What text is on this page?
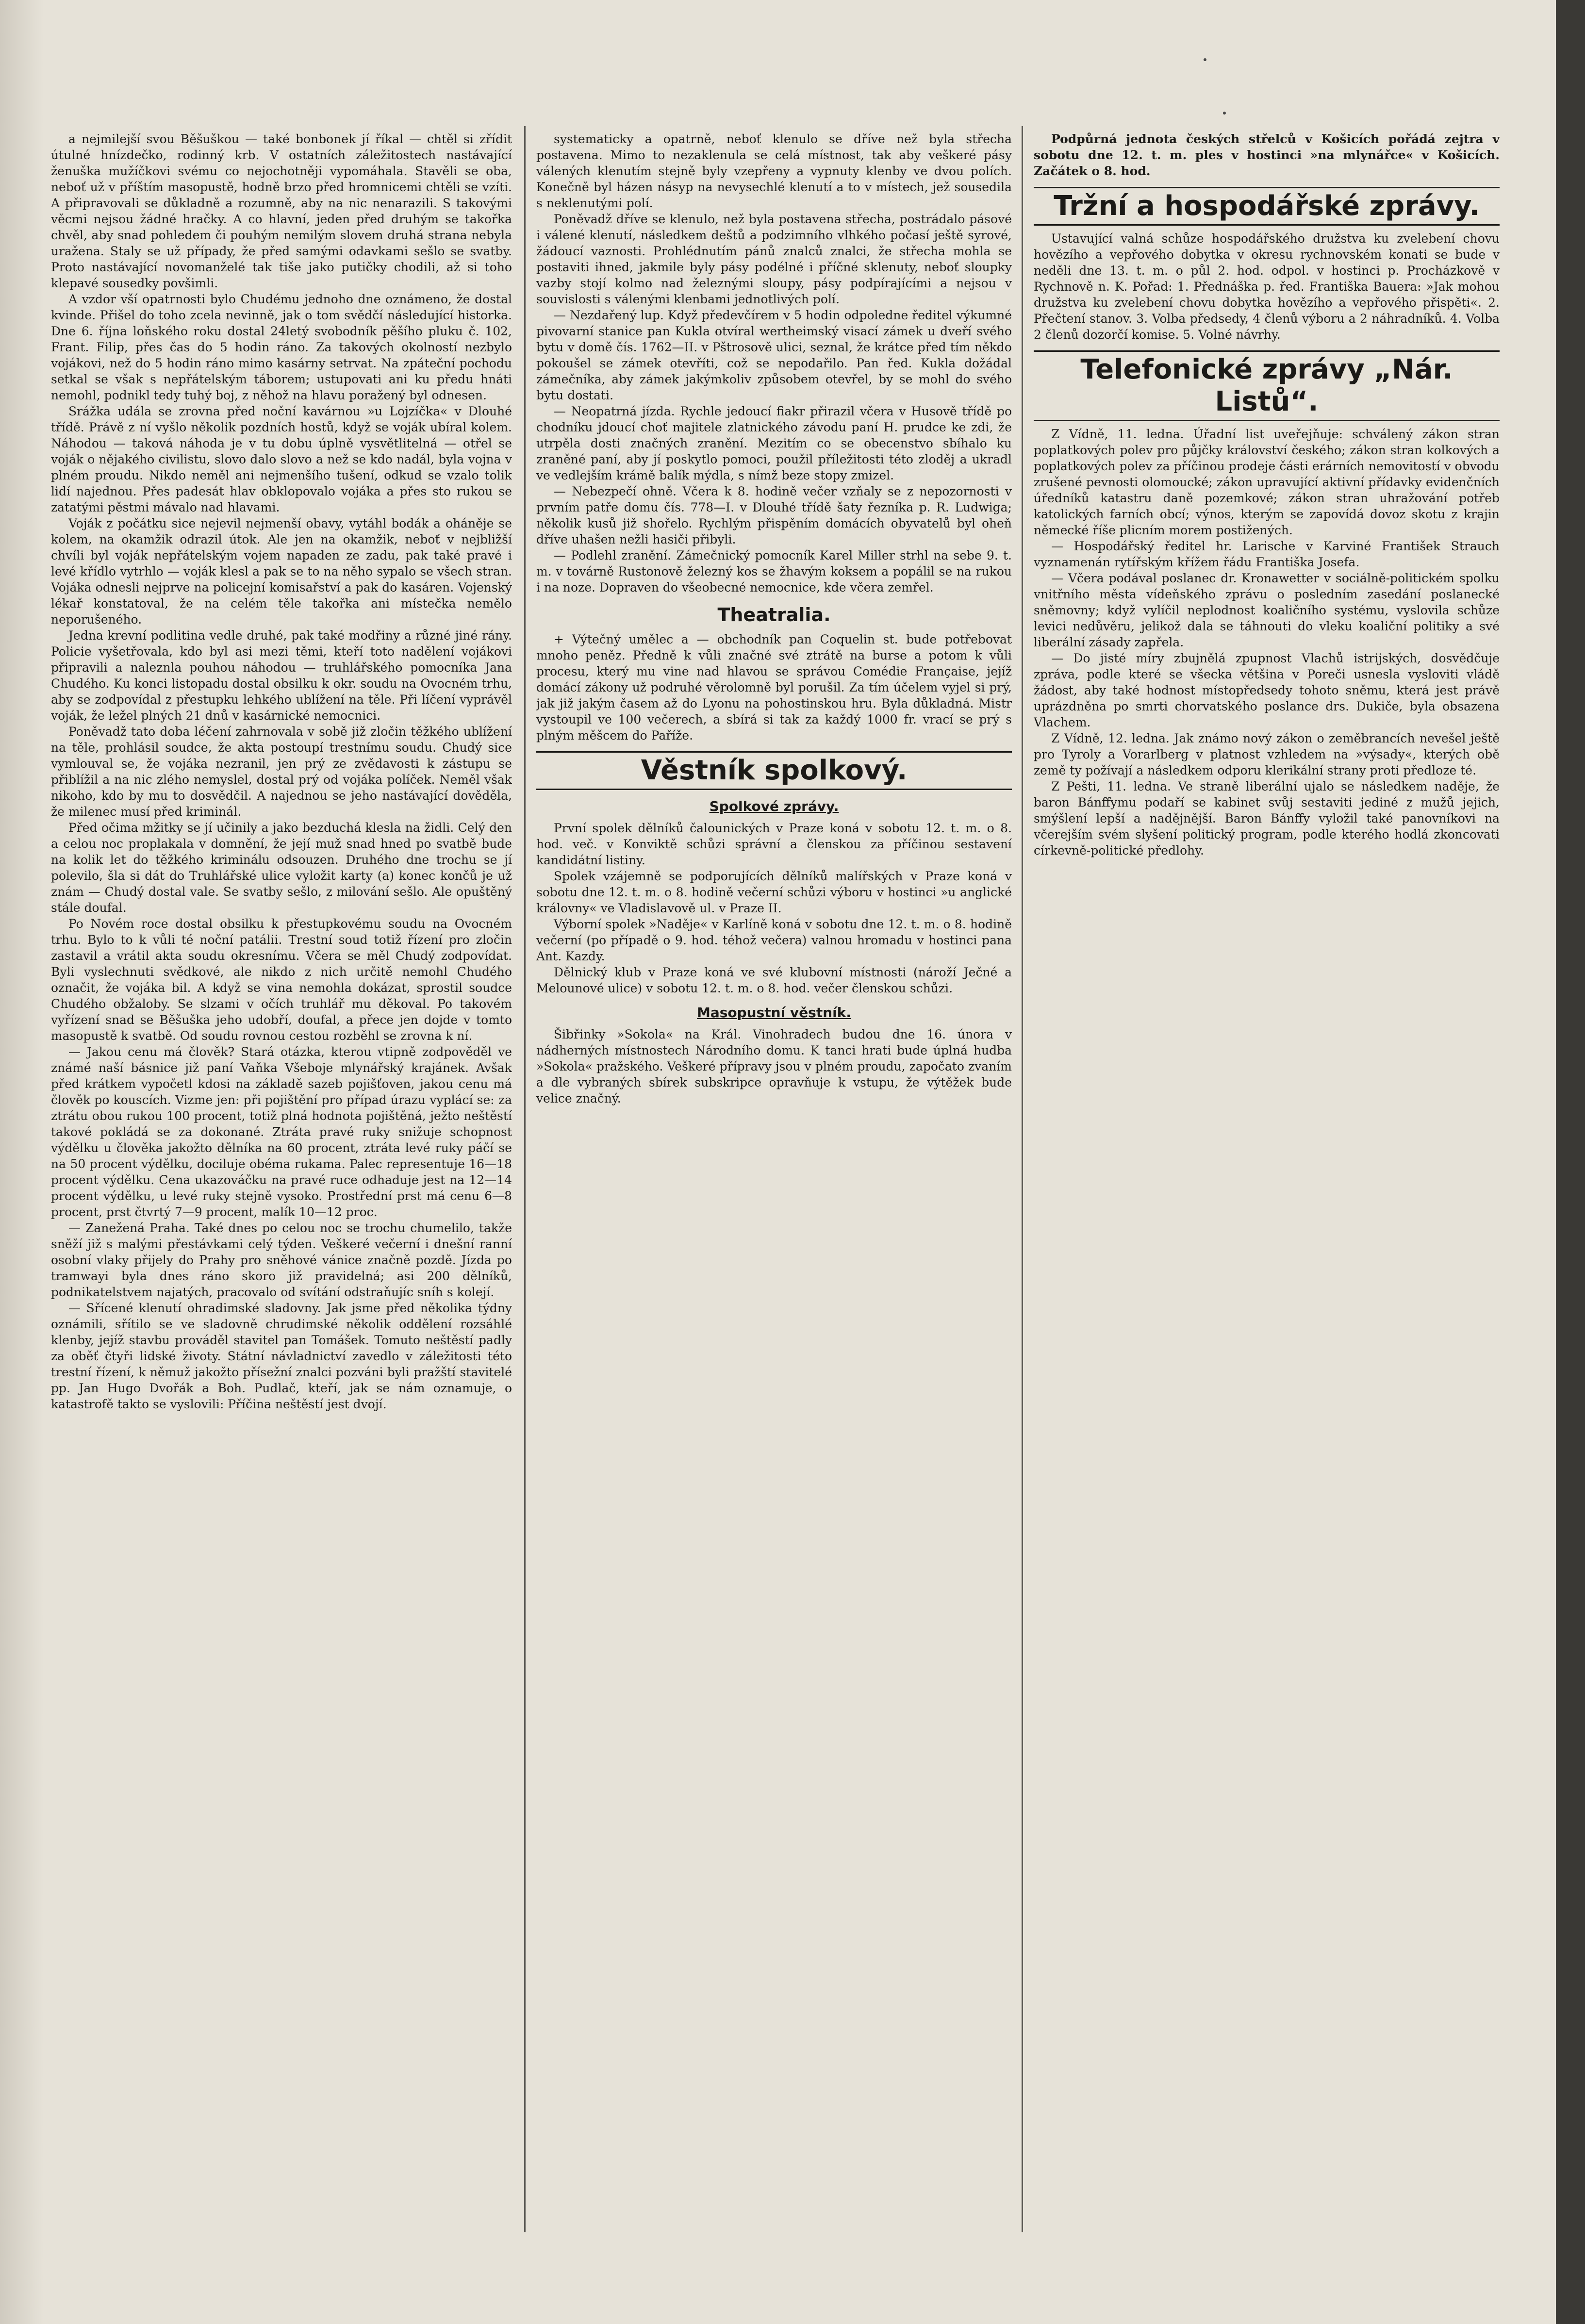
a nejmilejší svou Běšuškou — také bonbonek jí říkal — chtěl si zřídit útulné hnízdečko, rodinný krb. V ostatních záležitostech nastávající ženuška mužíčkovi svému co nejochotněji vypomáhala. Stavěli se oba, neboť už v příštím masopustě, hodně brzo před hromnicemi chtěli se vzíti. A připravovali se důkladně a rozumně, aby na nic nenarazili. S takovými věcmi nejsou žádné hračky. A co hlavní, jeden před druhým se takořka chvěl, aby snad pohledem či pouhým nemilým slovem druhá strana nebyla uražena. Staly se už případy, že před samými odavkami sešlo se svatby. Proto nastávající novomanželé tak tiše jako putičky chodili, až si toho klepavé sousedky povšimli.

A vzdor vší opatrnosti bylo Chudému jednoho dne oznámeno, že dostal kvinde. Přišel do toho zcela nevinně, jak o tom svědčí následující historka. Dne 6. října loňského roku dostal 24letý svobodník pěšího pluku č. 102, Frant. Filip, přes čas do 5 hodin ráno. Za takových okolností nezbylo vojákovi, než do 5 hodin ráno mimo kasárny setrvat. Na zpáteční pochodu setkal se však s nepřátelským táborem; ustupovati ani ku předu hnáti nemohl, podnikl tedy tuhý boj, z něhož na hlavu poražený byl odnesen.

Srážka udála se zrovna před noční kavárnou »u Lojzíčka« v Dlouhé třídě. Právě z ní vyšlo několik pozdních hostů, když se voják ubíral kolem. Náhodou — taková náhoda je v tu dobu úplně vysvětlitelná — otřel se voják o nějakého civilistu, slovo dalo slovo a než se kdo nadál, byla vojna v plném proudu. Nikdo neměl ani nejmenšího tušení, odkud se vzalo tolik lidí najednou. Přes padesát hlav obklopovalo vojáka a přes sto rukou se zatatými pěstmi mávalo nad hlavami.

Voják z počátku sice nejevil nejmenší obavy, vytáhl bodák a oháněje se kolem, na okamžik odrazil útok. Ale jen na okamžik, neboť v nejbližší chvíli byl voják nepřátelským vojem napaden ze zadu, pak také pravé i levé křídlo vytrhlo — voják klesl a pak se to na něho sypalo se všech stran. Vojáka odnesli nejprve na policejní komisařství a pak do kasáren. Vojenský lékař konstatoval, že na celém těle takořka ani místečka nemělo neporušeného.

Jedna krevní podlitina vedle druhé, pak také modřiny a různé jiné rány. Policie vyšetřovala, kdo byl asi mezi těmi, kteří toto nadělení vojákovi připravili a naleznla pouhou náhodou — truhlářského pomocníka Jana Chudého. Ku konci listopadu dostal obsilku k okr. soudu na Ovocném trhu, aby se zodpovídal z přestupku lehkého ublížení na těle. Při líčení vyprávěl voják, že ležel plných 21 dnů v kasárnické nemocnici.

Poněvadž tato doba léčení zahrnovala v sobě již zločin těžkého ublížení na těle, prohlásil soudce, že akta postoupí trestnímu soudu. Chudý sice vymlouval se, že vojáka nezranil, jen prý ze zvědavosti k zástupu se přiblížil a na nic zlého nemyslel, dostal prý od vojáka políček. Neměl však nikoho, kdo by mu to dosvědčil. A najednou se jeho nastávající dověděla, že milenec musí před kriminál.

Před očima mžitky se jí učinily a jako bezduchá klesla na židli. Celý den a celou noc proplakala v domnění, že její muž snad hned po svatbě bude na kolik let do těžkého kriminálu odsouzen. Druhého dne trochu se jí polevilo, šla si dát do Truhlářské ulice vyložit karty (a) konec končů je už znám — Chudý dostal vale. Se svatby sešlo, z milování sešlo. Ale opuštěný stále doufal.

Po Novém roce dostal obsilku k přestupkovému soudu na Ovocném trhu. Bylo to k vůli té noční patálii. Trestní soud totiž řízení pro zločin zastavil a vrátil akta soudu okresnímu. Včera se měl Chudý zodpovídat. Byli vyslechnuti svědkové, ale nikdo z nich určitě nemohl Chudého označit, že vojáka bil. A když se vina nemohla dokázat, sprostil soudce Chudého obžaloby. Se slzami v očích truhlář mu děkoval. Po takovém vyřízení snad se Běšuška jeho udobří, doufal, a přece jen dojde v tomto masopustě k svatbě. Od soudu rovnou cestou rozběhl se zrovna k ní.

— Jakou cenu má člověk? Stará otázka, kterou vtipně zodpověděl ve známé naší básnice již paní Vaňka Všeboje mlynářský krajánek. Avšak před krátkem vypočetl kdosi na základě sazeb pojišťoven, jakou cenu má člověk po kouscích. Vizme jen: při pojištění pro případ úrazu vyplácí se: za ztrátu obou rukou 100 procent, totiž plná hodnota pojištěná, ježto neštěstí takové pokládá se za dokonané. Ztráta pravé ruky snižuje schopnost výdělku u člověka jakožto dělníka na 60 procent, ztráta levé ruky páčí se na 50 procent výdělku, dociluje obéma rukama. Palec representuje 16—18 procent výdělku. Cena ukazováčku na pravé ruce odhaduje jest na 12—14 procent výdělku, u levé ruky stejně vysoko. Prostřední prst má cenu 6—8 procent, prst čtvrtý 7—9 procent, malík 10—12 proc.

— Zanežená Praha. Také dnes po celou noc se trochu chumelilo, takže sněží již s malými přestávkami celý týden. Veškeré večerní i dnešní ranní osobní vlaky přijely do Prahy pro sněhové vánice značně pozdě. Jízda po tramwayi byla dnes ráno skoro již pravidelná; asi 200 dělníků, podnikatelstvem najatých, pracovalo od svítání odstraňujíc sníh s kolejí.

— Sřícené klenutí ohradimské sladovny. Jak jsme před několika týdny oznámili, sřítilo se ve sladovně chrudimské několik oddělení rozsáhlé klenby, jejíž stavbu prováděl stavitel pan Tomášek. Tomuto neštěstí padly za oběť čtyři lidské životy. Státní návladnictví zavedlo v záležitosti této trestní řízení, k němuž jakožto přísežní znalci pozváni byli pražští stavitelé pp. Jan Hugo Dvořák a Boh. Pudlač, kteří, jak se nám oznamuje, o katastrofě takto se vyslovili: Příčina neštěstí jest dvojí.

systematicky a opatrně, neboť klenulo se dříve než byla střecha postavena. Mimo to nezaklenula se celá místnost, tak aby veškeré pásy válených klenutím stejně byly vzepřeny a vypnuty klenby ve dvou polích. Konečně byl házen násyp na nevysechlé klenutí a to v místech, jež sousedila s neklenutými polí.

Poněvadž dříve se klenulo, než byla postavena střecha, postrádalo pásové i válené klenutí, následkem deštů a podzimního vlhkého počasí ještě syrové, žádoucí vaznosti. Prohlédnutím pánů znalců znalci, že střecha mohla se postaviti ihned, jakmile byly pásy podélné i příčné sklenuty, neboť sloupky vazby stojí kolmo nad železnými sloupy, pásy podpírajícími a nejsou v souvislosti s válenými klenbami jednotlivých polí.

— Nezdařený lup. Když předevčírem v 5 hodin odpoledne ředitel výkumné pivovarní stanice pan Kukla otvíral wertheimský visací zámek u dveří svého bytu v domě čís. 1762—II. v Pštrosově ulici, seznal, že krátce před tím někdo pokoušel se zámek otevříti, což se nepodařilo. Pan řed. Kukla dožádal zámečníka, aby zámek jakýmkoliv způsobem otevřel, by se mohl do svého bytu dostati.

— Neopatrná jízda. Rychle jedoucí fiakr přirazil včera v Husově třídě po chodníku jdoucí choť majitele zlatnického závodu paní H. prudce ke zdi, že utrpěla dosti značných zranění. Mezitím co se obecenstvo sbíhalo ku zraněné paní, aby jí poskytlo pomoci, použil příležitosti této zloděj a ukradl ve vedlejším krámě balík mýdla, s nímž beze stopy zmizel.

— Nebezpečí ohně. Včera k 8. hodině večer vzňaly se z nepozornosti v prvním patře domu čís. 778—I. v Dlouhé třídě šaty řezníka p. R. Ludwiga; několik kusů již shořelo. Rychlým přispěním domácích obyvatelů byl oheň dříve uhašen nežli hasiči přibyli.

— Podlehl zranění. Zámečnický pomocník Karel Miller strhl na sebe 9. t. m. v továrně Rustonově železný kos se žhavým koksem a popálil se na rukou i na noze. Dopraven do všeobecné nemocnice, kde včera zemřel.

Theatralia.

+ Výtečný umělec a — obchodník pan Coquelin st. bude potřebovat mnoho peněz. Předně k vůli značné své ztrátě na burse a potom k vůli procesu, který mu vine nad hlavou se správou Comédie Française, jejíž domácí zákony už podruhé věrolomně byl porušil. Za tím účelem vyjel si prý, jak již jakým časem až do Lyonu na pohostinskou hru. Byla důkladná. Mistr vystoupil ve 100 večerech, a sbírá si tak za každý 1000 fr. vrací se prý s plným měšcem do Paříže.

Věstník spolkový.
Spolkové zprávy.

První spolek dělníků čalounických v Praze koná v sobotu 12. t. m. o 8. hod. več. v Konviktě schůzi správní a členskou za příčinou sestavení kandidátní listiny.

Spolek vzájemně se podporujících dělníků malířských v Praze koná v sobotu dne 12. t. m. o 8. hodině večerní schůzi výboru v hostinci »u anglické královny« ve Vladislavově ul. v Praze II.

Výborní spolek »Naděje« v Karlíně koná v sobotu dne 12. t. m. o 8. hodině večerní (po případě o 9. hod. téhož večera) valnou hromadu v hostinci pana Ant. Kazdy.

Dělnický klub v Praze koná ve své klubovní místnosti (nároží Ječné a Melounové ulice) v sobotu 12. t. m. o 8. hod. večer členskou schůzi.

Masopustní věstník.

Šibřinky »Sokola« na Král. Vinohradech budou dne 16. února v nádherných místnostech Národního domu. K tanci hrati bude úplná hudba »Sokola« pražského. Veškeré přípravy jsou v plném proudu, započato zvaním a dle vybraných sbírek subskripce opravňuje k vstupu, že výtěžek bude velice značný.

Podpůrná jednota českých střelců v Košicích pořádá zejtra v sobotu dne 12. t. m. ples v hostinci »na mlynářce« v Košicích. Začátek o 8. hod.

Tržní a hospodářské zprávy.

Ustavující valná schůze hospodářského družstva ku zvelebení chovu hovězího a vepřového dobytka v okresu rychnovském konati se bude v neděli dne 13. t. m. o půl 2. hod. odpol. v hostinci p. Procházkově v Rychnově n. K. Pořad: 1. Přednáška p. řed. Františka Bauera: »Jak mohou družstva ku zvelebení chovu dobytka hovězího a vepřového přispěti«. 2. Přečtení stanov. 3. Volba předsedy, 4 členů výboru a 2 náhradníků. 4. Volba 2 členů dozorčí komise. 5. Volné návrhy.

Telefonické zprávy „Nár. Listů“.

Z Vídně, 11. ledna. Úřadní list uveřejňuje: schválený zákon stran poplatkových polev pro půjčky království českého; zákon stran kolkových a poplatkových polev za příčinou prodeje části erárních nemovitostí v obvodu zrušené pevnosti olomoucké; zákon upravující aktivní přídavky evidenčních úředníků katastru daně pozemkové; zákon stran uhražování potřeb katolických farních obcí; výnos, kterým se zapovídá dovoz skotu z krajin německé říše plicním morem postižených.

— Hospodářský ředitel hr. Larische v Karviné František Strauch vyznamenán rytířským křížem řádu Františka Josefa.

— Včera podával poslanec dr. Kronawetter v sociálně-politickém spolku vnitřního města vídeňského zprávu o posledním zasedání poslanecké sněmovny; když vylíčil neplodnost koaličního systému, vyslovila schůze levici nedůvěru, jelikož dala se táhnouti do vleku koaliční politiky a své liberální zásady zapřela.

— Do jisté míry zbujnělá zpupnost Vlachů istrijských, dosvědčuje zpráva, podle které se všecka většina v Poreči usnesla vysloviti vládě žádost, aby také hodnost místopředsedy tohoto sněmu, která jest právě uprázdněna po smrti chorvatského poslance drs. Dukiče, byla obsazena Vlachem.

Z Vídně, 12. ledna. Jak známo nový zákon o zeměbrancích nevešel ještě pro Tyroly a Vorarlberg v platnost vzhledem na »výsady«, kterých obě země ty požívají a následkem odporu klerikální strany proti předloze té.

Z Pešti, 11. ledna. Ve straně liberální ujalo se následkem naděje, že baron Bánffymu podaří se kabinet svůj sestaviti jediné z mužů jejich, smýšlení lepší a nadějnější. Baron Bánffy vyložil také panovníkovi na včerejším svém slyšení politický program, podle kterého hodlá zkoncovati církevně-politické předlohy.
